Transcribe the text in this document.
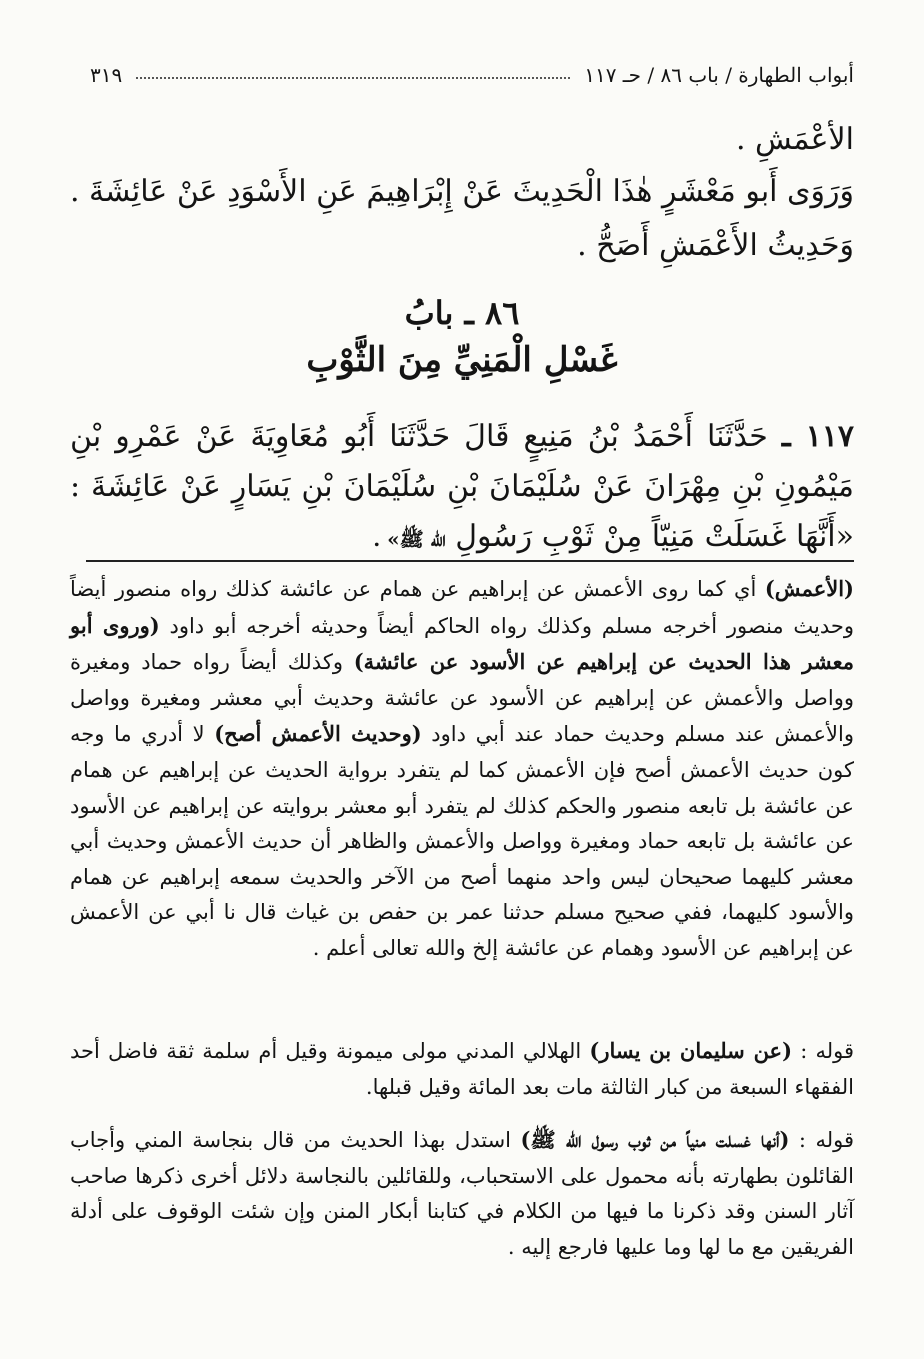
أبواب الطهارة / باب ٨٦ / حـ ١١٧
٣١٩
الأعْمَشِ .
وَرَوَى أَبو مَعْشَرٍ هٰذَا الْحَدِيثَ عَنْ إِبْرَاهِيمَ عَنِ الأَسْوَدِ عَنْ عَائِشَةَ .
وَحَدِيثُ الأَعْمَشِ أَصَحُّ .
٨٦ ـ بابُ
غَسْلِ الْمَنِيِّ مِنَ الثَّوْبِ
١١٧ ـ حَدَّثَنَا أَحْمَدُ بْنُ مَنِيعٍ قَالَ حَدَّثَنَا أَبُو مُعَاوِيَةَ عَنْ عَمْرِو بْنِ مَيْمُونِ بْنِ مِهْرَانَ عَنْ سُلَيْمَانَ بْنِ سُلَيْمَانَ بْنِ يَسَارٍ عَنْ عَائِشَةَ : «أَنَّهَا غَسَلَتْ مَنِيّاً مِنْ ثَوْبِ رَسُولِ الله ﷺ» .
(الأعمش) أي كما روى الأعمش عن إبراهيم عن همام عن عائشة كذلك رواه منصور أيضاً وحديث منصور أخرجه مسلم وكذلك رواه الحاكم أيضاً وحديثه أخرجه أبو داود (وروى أبو معشر هذا الحديث عن إبراهيم عن الأسود عن عائشة) وكذلك أيضاً رواه حماد ومغيرة وواصل والأعمش عن إبراهيم عن الأسود عن عائشة وحديث أبي معشر ومغيرة وواصل والأعمش عند مسلم وحديث حماد عند أبي داود (وحديث الأعمش أصح) لا أدري ما وجه كون حديث الأعمش أصح فإن الأعمش كما لم يتفرد برواية الحديث عن إبراهيم عن همام عن عائشة بل تابعه منصور والحكم كذلك لم يتفرد أبو معشر بروايته عن إبراهيم عن الأسود عن عائشة بل تابعه حماد ومغيرة وواصل والأعمش والظاهر أن حديث الأعمش وحديث أبي معشر كليهما صحيحان ليس واحد منهما أصح من الآخر والحديث سمعه إبراهيم عن همام والأسود كليهما، ففي صحيح مسلم حدثنا عمر بن حفص بن غياث قال نا أبي عن الأعمش عن إبراهيم عن الأسود وهمام عن عائشة إلخ والله تعالى أعلم .
قوله : (عن سليمان بن يسار) الهلالي المدني مولى ميمونة وقيل أم سلمة ثقة فاضل أحد الفقهاء السبعة من كبار الثالثة مات بعد المائة وقيل قبلها.
قوله : (أنها غسلت منياً من ثوب رسول الله ﷺ) استدل بهذا الحديث من قال بنجاسة المني وأجاب القائلون بطهارته بأنه محمول على الاستحباب، وللقائلين بالنجاسة دلائل أخرى ذكرها صاحب آثار السنن وقد ذكرنا ما فيها من الكلام في كتابنا أبكار المنن وإن شئت الوقوف على أدلة الفريقين مع ما لها وما عليها فارجع إليه .
